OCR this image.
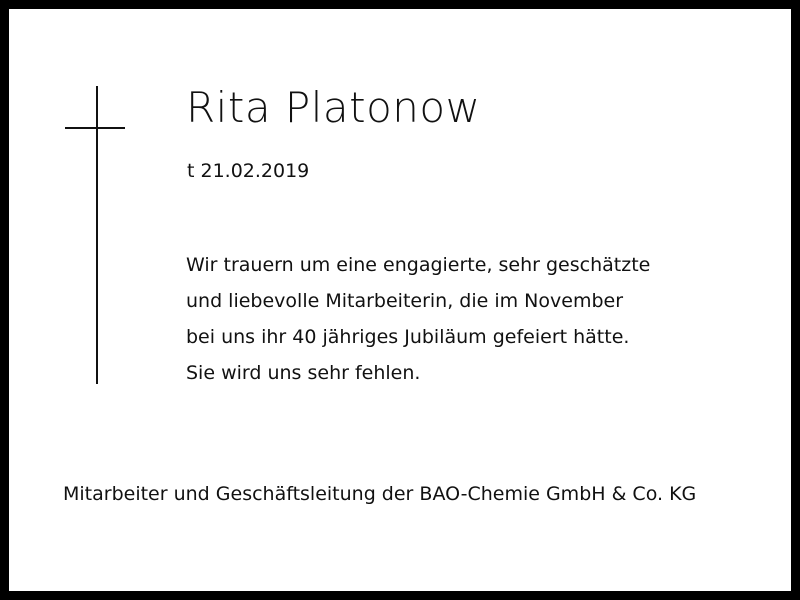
Rita Platonow

t 21.02.2019

Wir trauern um eine engagierte, sehr geschätzte
und liebevolle Mitarbeiterin, die im November
bei uns ihr 40 jähriges Jubiläum gefeiert hätte.
Sie wird uns sehr fehlen.

Mitarbeiter und Geschäftsleitung der BAO-Chemie GmbH & Co. KG
